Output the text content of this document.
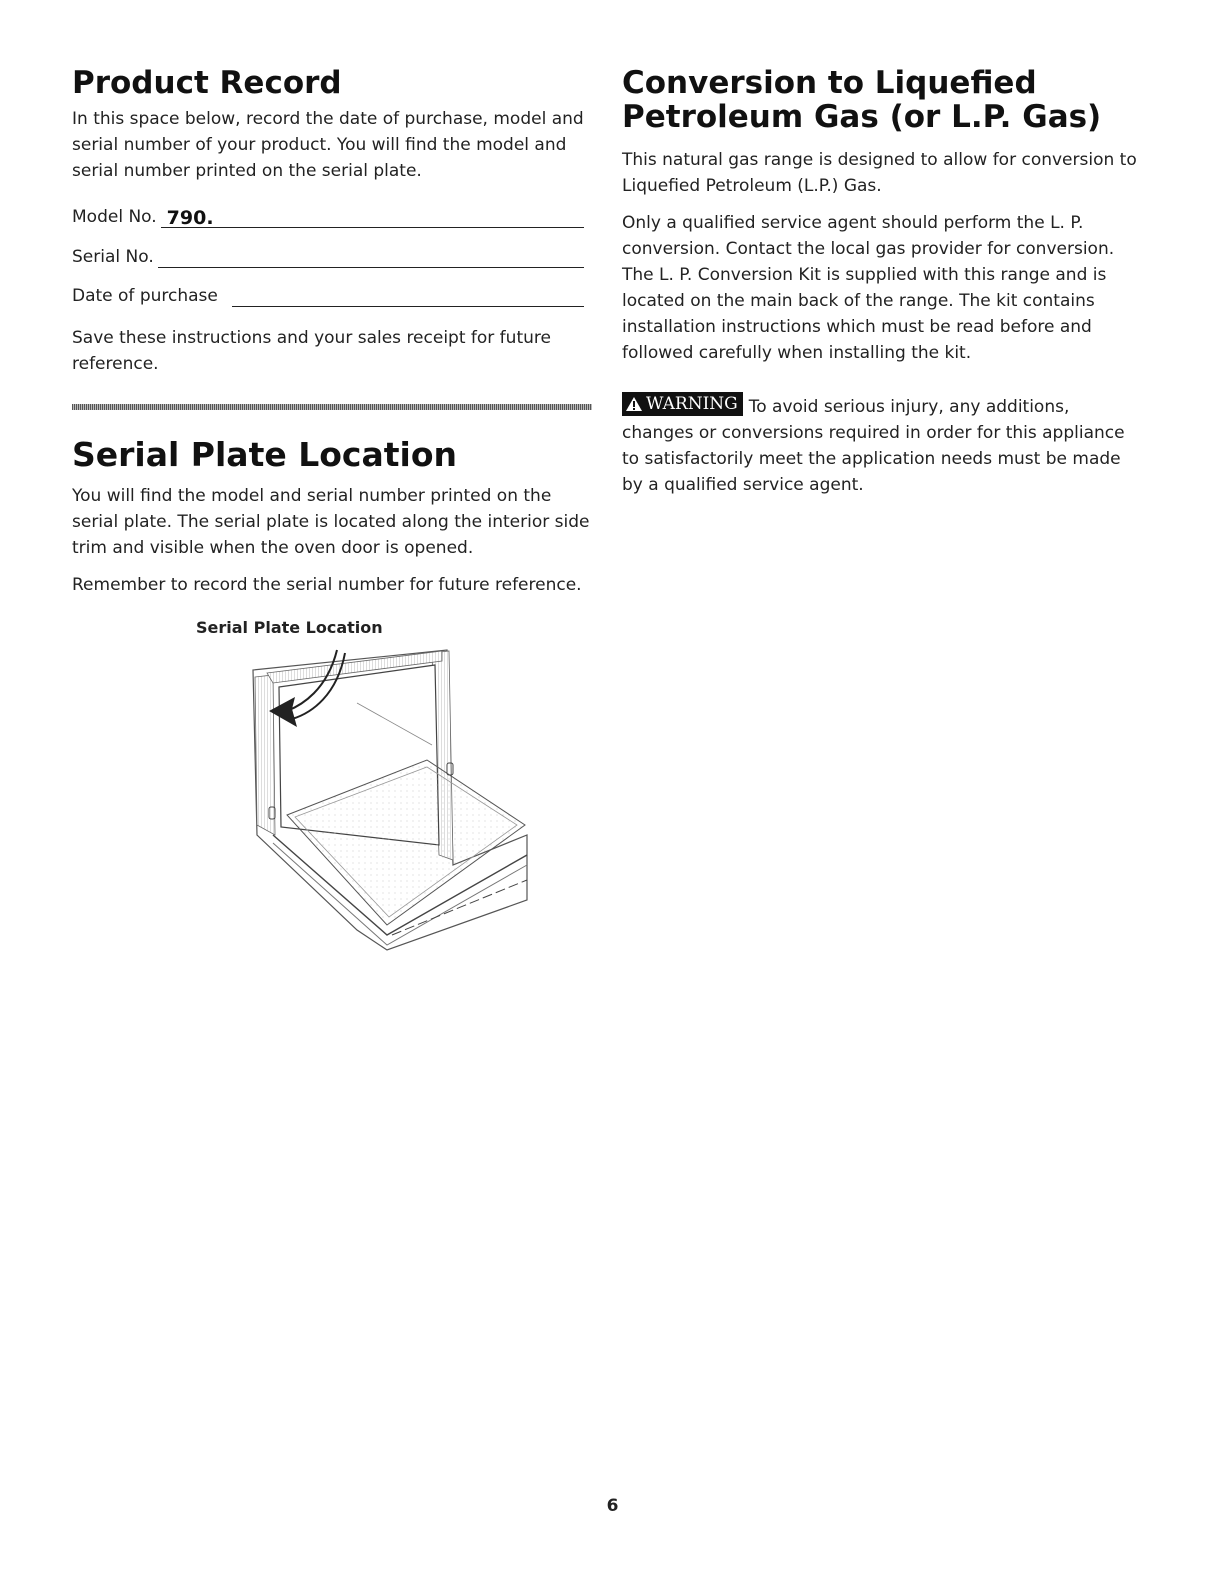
Product Record

In this space below, record the date of purchase, model and serial number of your product. You will find the model and serial number printed on the serial plate.

Model No. 790.
Serial No.
Date of purchase

Save these instructions and your sales receipt for future reference.

Serial Plate Location

You will find the model and serial number printed on the serial plate. The serial plate is located along the interior side trim and visible when the oven door is opened.

Remember to record the serial number for future reference.

Serial Plate Location
Conversion to Liquefied Petroleum Gas (or L.P. Gas)

This natural gas range is designed to allow for conversion to Liquefied Petroleum (L.P.) Gas.

Only a qualified service agent should perform the L. P. conversion. Contact the local gas provider for conversion. The L. P. Conversion Kit is supplied with this range and is located on the main back of the range. The kit contains installation instructions which must be read before and followed carefully when installing the kit.

WARNING To avoid serious injury, any additions, changes or conversions required in order for this appliance to satisfactorily meet the application needs must be made by a qualified service agent.
6
